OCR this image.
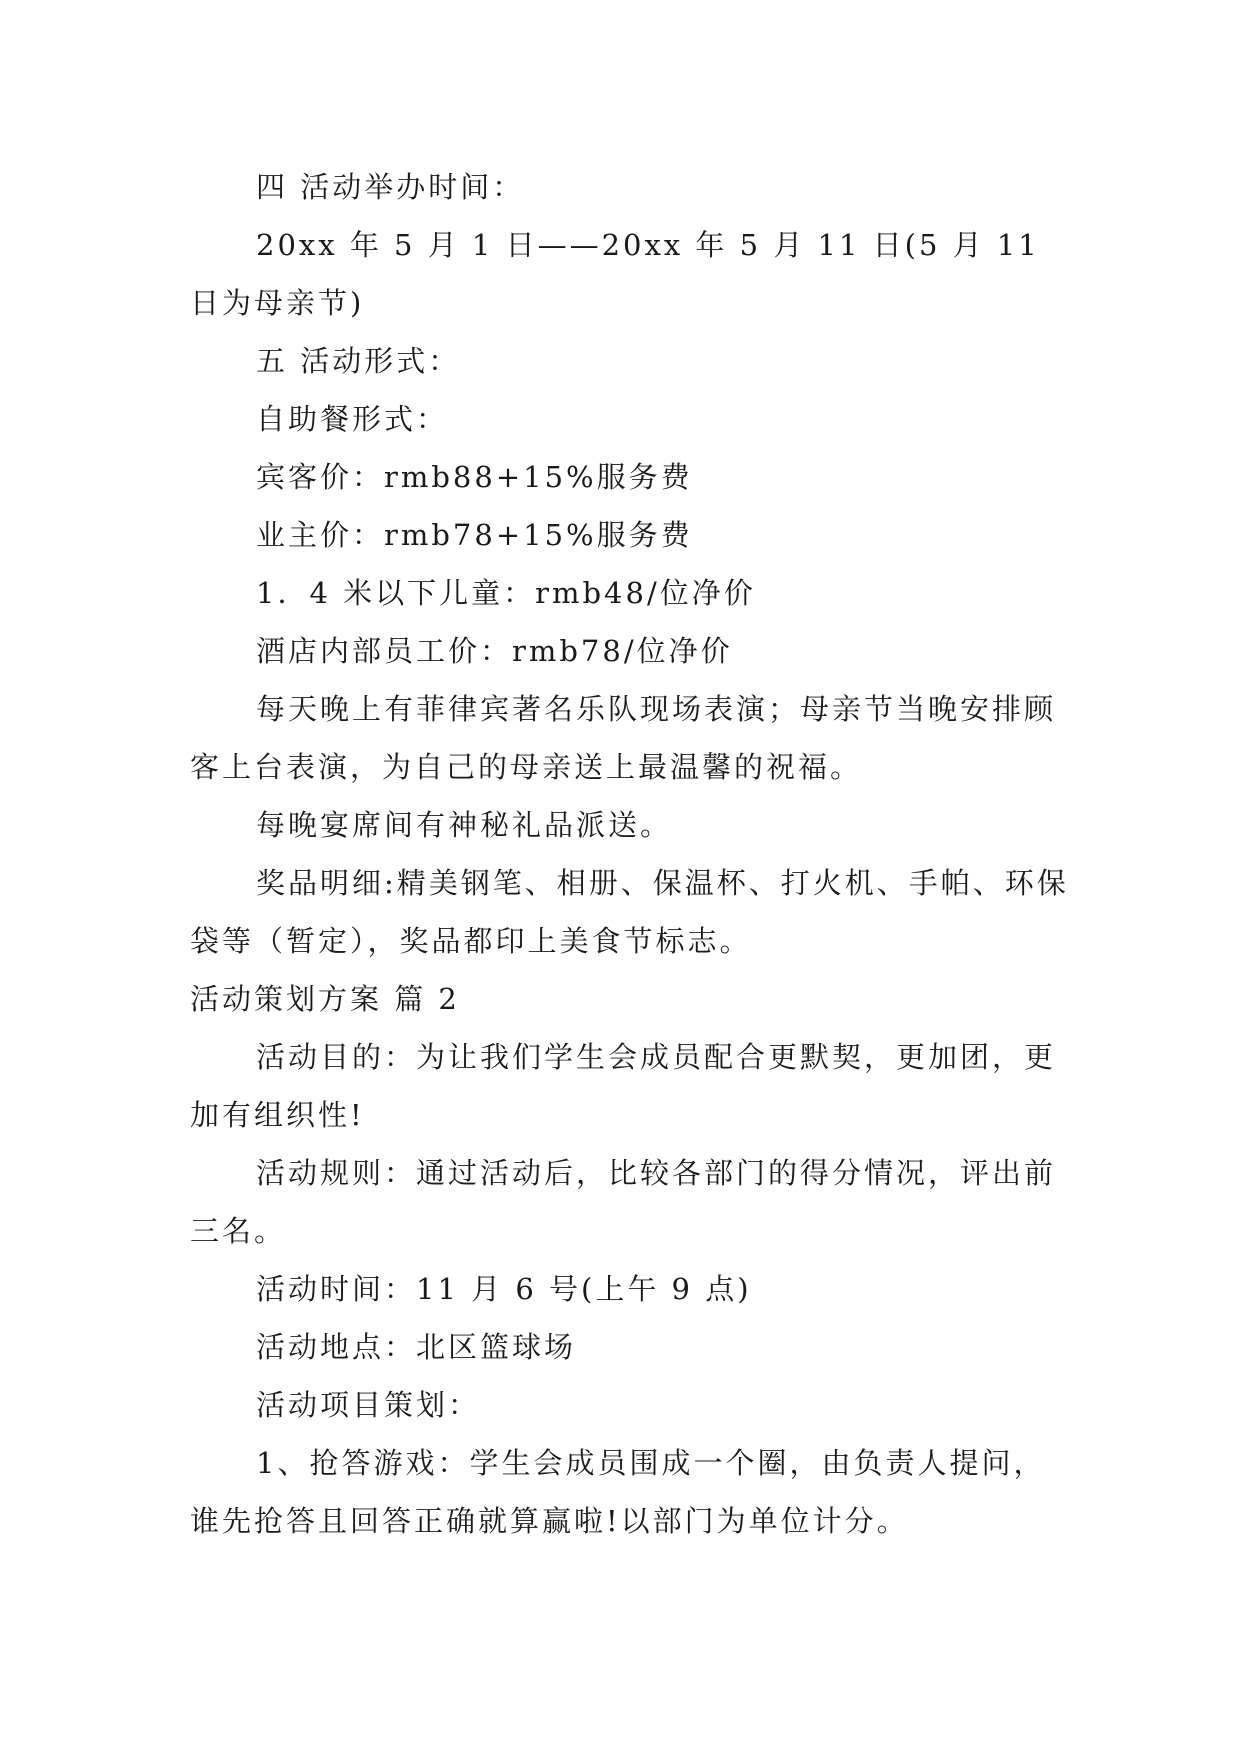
四 活动举办时间：

20xx 年 5 月 1 日——20xx 年 5 月 11 日(5 月 11 日为母亲节)

五 活动形式：

自助餐形式：

宾客价：rmb88+15%服务费

业主价：rmb78+15%服务费

1．4 米以下儿童：rmb48/位净价

酒店内部员工价：rmb78/位净价

每天晚上有菲律宾著名乐队现场表演；母亲节当晚安排顾客上台表演，为自己的母亲送上最温馨的祝福。

每晚宴席间有神秘礼品派送。

奖品明细:精美钢笔、相册、保温杯、打火机、手帕、环保袋等（暂定），奖品都印上美食节标志。

活动策划方案 篇 2

活动目的：为让我们学生会成员配合更默契，更加团，更加有组织性!

活动规则：通过活动后，比较各部门的得分情况，评出前三名。

活动时间：11 月 6 号(上午 9 点)

活动地点：北区篮球场

活动项目策划：

1、抢答游戏：学生会成员围成一个圈，由负责人提问，谁先抢答且回答正确就算赢啦!以部门为单位计分。
